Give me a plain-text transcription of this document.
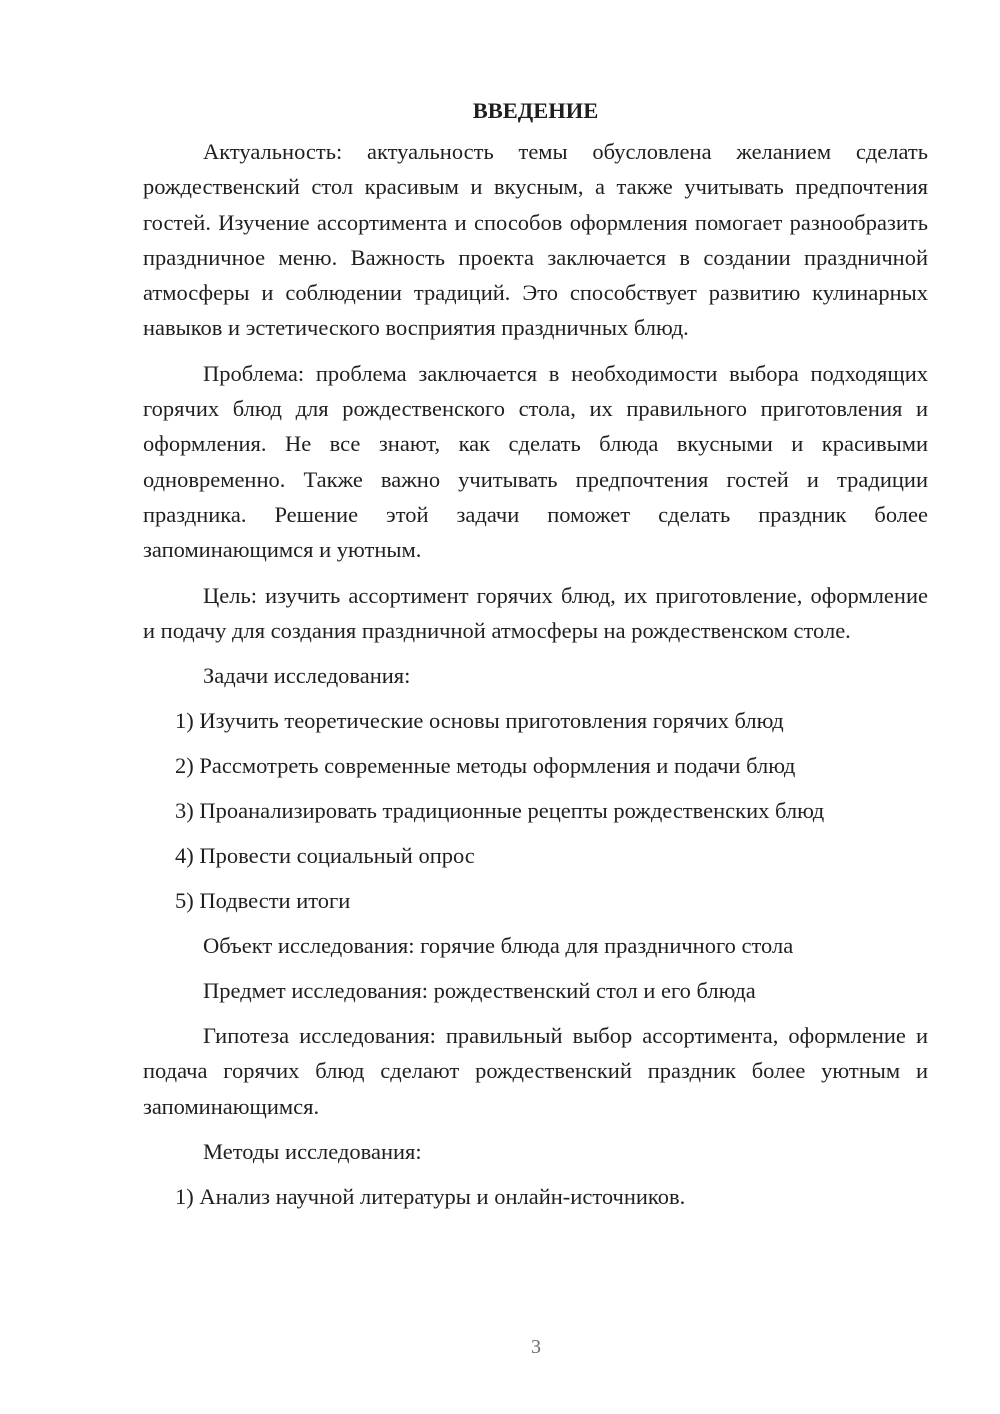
ВВЕДЕНИЕ

Актуальность: актуальность темы обусловлена желанием сделать рождественский стол красивым и вкусным, а также учитывать предпочтения гостей. Изучение ассортимента и способов оформления помогает разнообразить праздничное меню. Важность проекта заключается в создании праздничной атмосферы и соблюдении традиций. Это способствует развитию кулинарных навыков и эстетического восприятия праздничных блюд.

Проблема: проблема заключается в необходимости выбора подходящих горячих блюд для рождественского стола, их правильного приготовления и оформления. Не все знают, как сделать блюда вкусными и красивыми одновременно. Также важно учитывать предпочтения гостей и традиции праздника. Решение этой задачи поможет сделать праздник более запоминающимся и уютным.

Цель: изучить ассортимент горячих блюд, их приготовление, оформление и подачу для создания праздничной атмосферы на рождественском столе.

Задачи исследования:

1) Изучить теоретические основы приготовления горячих блюд

2) Рассмотреть современные методы оформления и подачи блюд

3) Проанализировать традиционные рецепты рождественских блюд

4) Провести социальный опрос

5) Подвести итоги

Объект исследования: горячие блюда для праздничного стола

Предмет исследования: рождественский стол и его блюда

Гипотеза исследования: правильный выбор ассортимента, оформление и подача горячих блюд сделают рождественский праздник более уютным и запоминающимся.

Методы исследования:

1) Анализ научной литературы и онлайн-источников.

3
